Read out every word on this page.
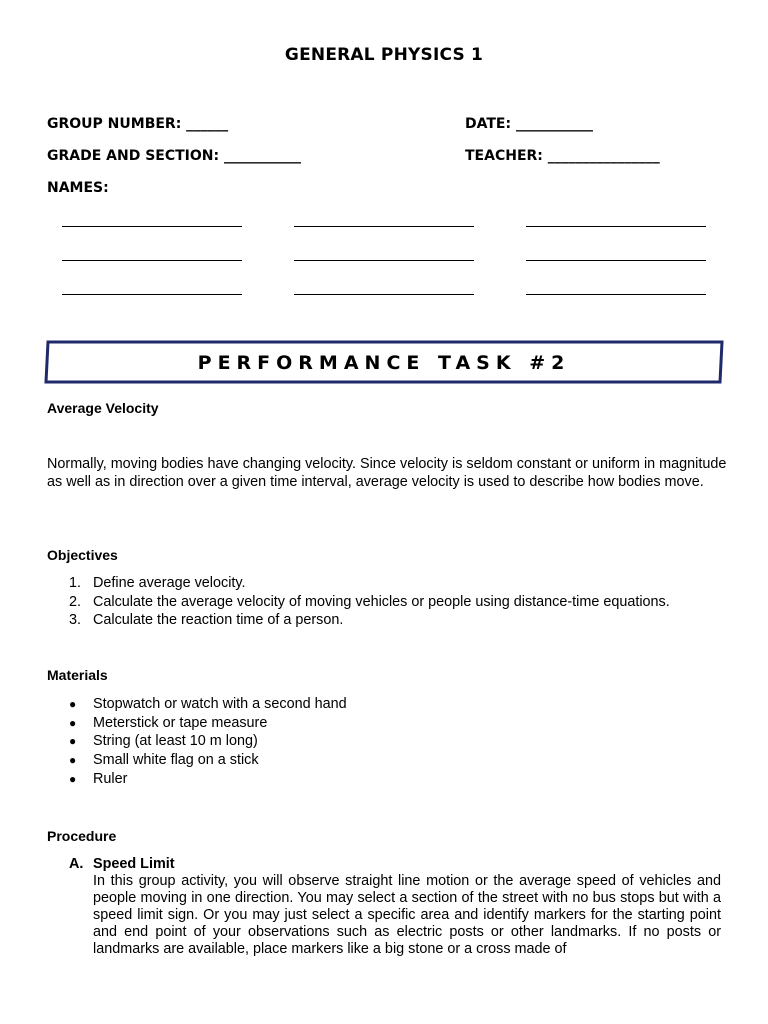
GENERAL PHYSICS 1
GROUP NUMBER: ______	DATE: ___________
GRADE AND SECTION: ___________	TEACHER: ________________
NAMES:
PERFORMANCE TASK #2
Average Velocity
Normally, moving bodies have changing velocity. Since velocity is seldom constant or uniform in magnitude as well as in direction over a given time interval, average velocity is used to describe how bodies move.
Objectives
1. Define average velocity.
2. Calculate the average velocity of moving vehicles or people using distance-time equations.
3. Calculate the reaction time of a person.
Materials
● Stopwatch or watch with a second hand
● Meterstick or tape measure
● String (at least 10 m long)
● Small white flag on a stick
● Ruler
Procedure
A. Speed Limit
In this group activity, you will observe straight line motion or the average speed of vehicles and people moving in one direction. You may select a section of the street with no bus stops but with a speed limit sign. Or you may just select a specific area and identify markers for the starting point and end point of your observations such as electric posts or other landmarks. If no posts or landmarks are available, place markers like a big stone or a cross made of
